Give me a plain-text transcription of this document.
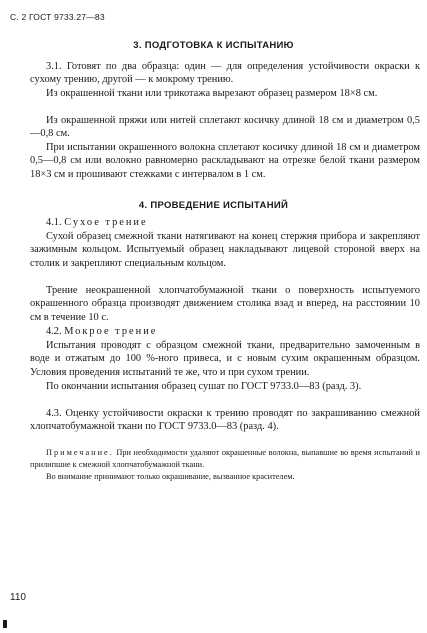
С. 2 ГОСТ 9733.27—83
3. ПОДГОТОВКА К ИСПЫТАНИЮ

3.1. Готовят по два образца: один — для определения устойчивости окраски к сухому трению, другой — к мокрому трению.

Из окрашенной ткани или трикотажа вырезают образец размером 18×8 см.

Из окрашенной пряжи или нитей сплетают косичку длиной 18 см и диаметром 0,5—0,8 см.

При испытании окрашенного волокна сплетают косичку длиной 18 см и диаметром 0,5—0,8 см или волокно равномерно раскладывают на отрезке белой ткани размером 18×3 см и прошивают стежками с интервалом в 1 см.

4. ПРОВЕДЕНИЕ ИСПЫТАНИЙ

4.1. Сухое трение

Сухой образец смежной ткани натягивают на конец стержня прибора и закрепляют зажимным кольцом. Испытуемый образец накладывают лицевой стороной вверх на столик и закрепляют специальным кольцом.

Трение неокрашенной хлопчатобумажной ткани о поверхность испытуемого окрашенного образца производят движением столика взад и вперед, на расстоянии 10 см в течение 10 с.

4.2. Мокрое трение

Испытания проводят с образцом смежной ткани, предварительно замоченным в воде и отжатым до 100 %-ного привеса, и с новым сухим окрашенным образцом. Условия проведения испытаний те же, что и при сухом трении.

По окончании испытания образец сушат по ГОСТ 9733.0—83 (разд. 3).

4.3. Оценку устойчивости окраски к трению проводят по закрашиванию смежной хлопчатобумажной ткани по ГОСТ 9733.0—83 (разд. 4).

Примечание. При необходимости удаляют окрашенные волокна, выпавшие во время испытаний и прилипшие к смежной хлопчатобумажной ткани.

Во внимание принимают только окрашивание, вызванное красителем.

110
